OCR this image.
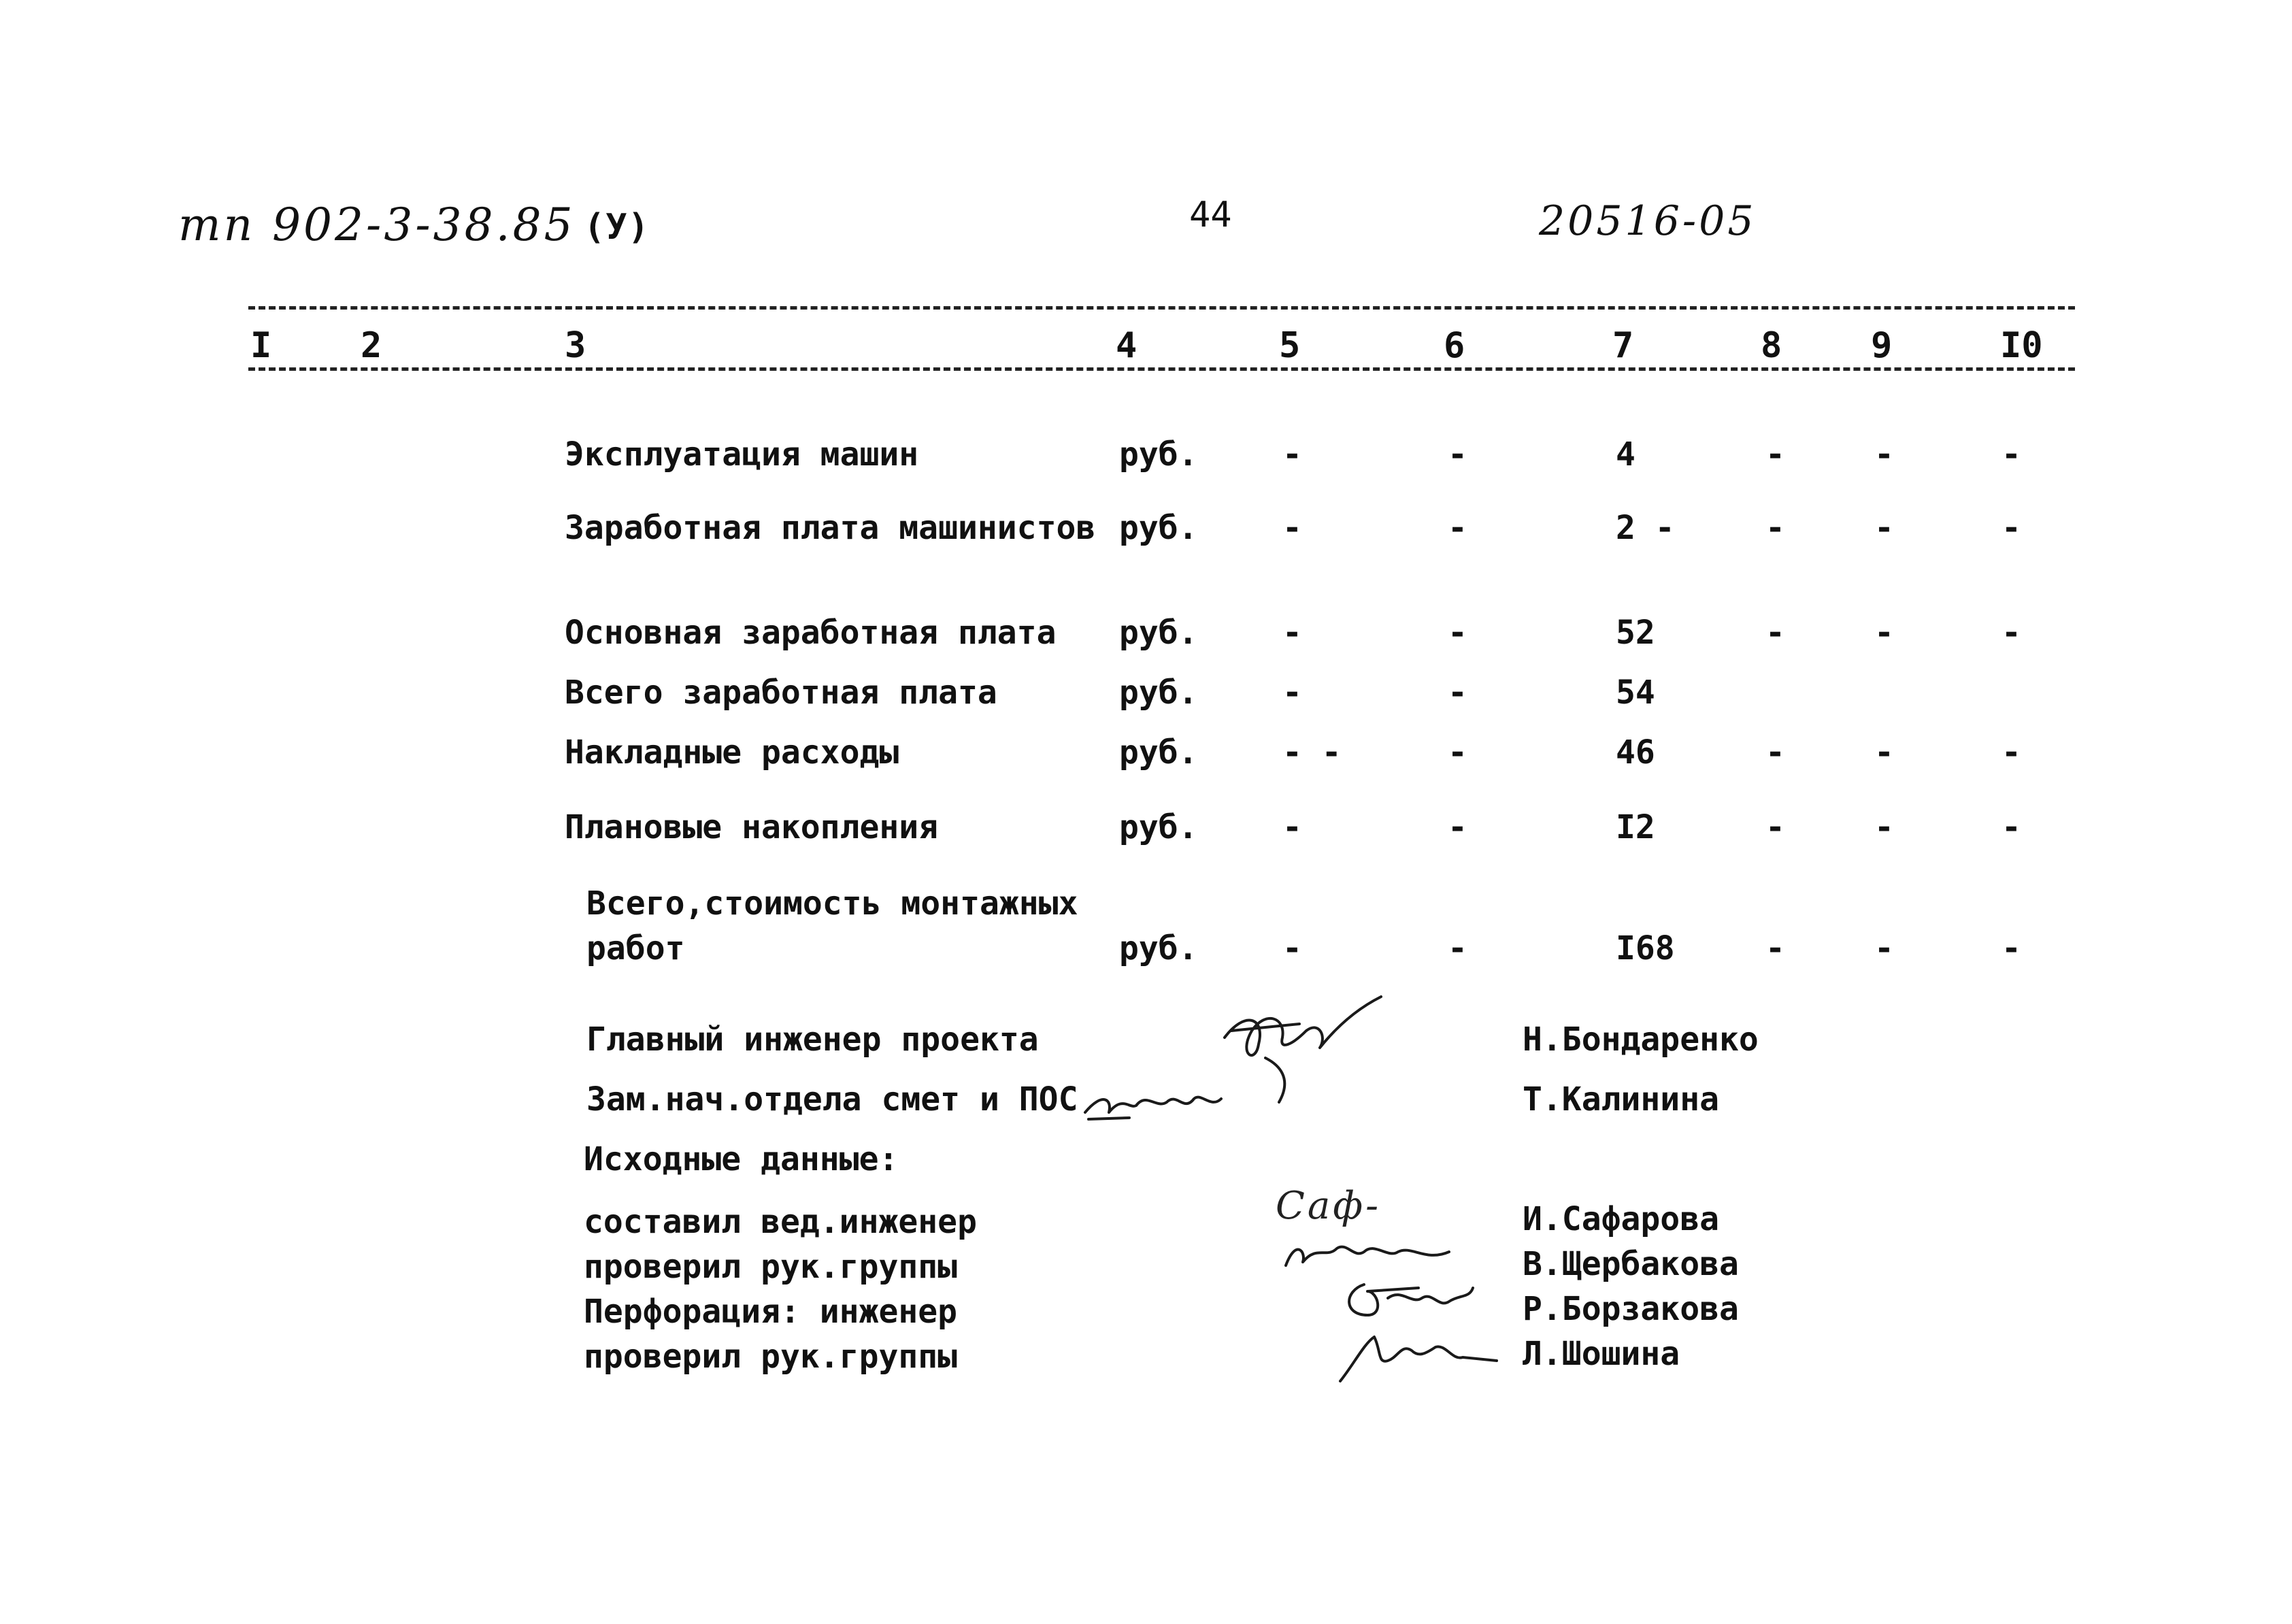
тп 902-3-38.85 (У)	44	20516-05
I	2	3	4	5	6	7	8	9	I0
Эксплуатация машин	руб.	-	-	4	-	-	-
Заработная плата машинистов руб.	-	-	2 -	-	-	-
Основная заработная плата руб.	-	-	52	-	-	-
Всего заработная плата	руб.	-	-	54
Накладные расходы	руб.	- -	-	46	-	-	-
Плановые накопления	руб.	-	-	I2	-	-	-
Всего,стоимость монтажных
работ	руб.	-	-	I68	-	-	-
Главный инженер проекта	Н.Бондаренко
Зам.нач.отдела смет и ПОС	Т.Калинина
Исходные данные:
составил вед.инженер	И.Сафарова
проверил рук.группы	В.Щербакова
Перфорация: инженер	Р.Борзакова
проверил рук.группы	Л.Шошина
Саф-
